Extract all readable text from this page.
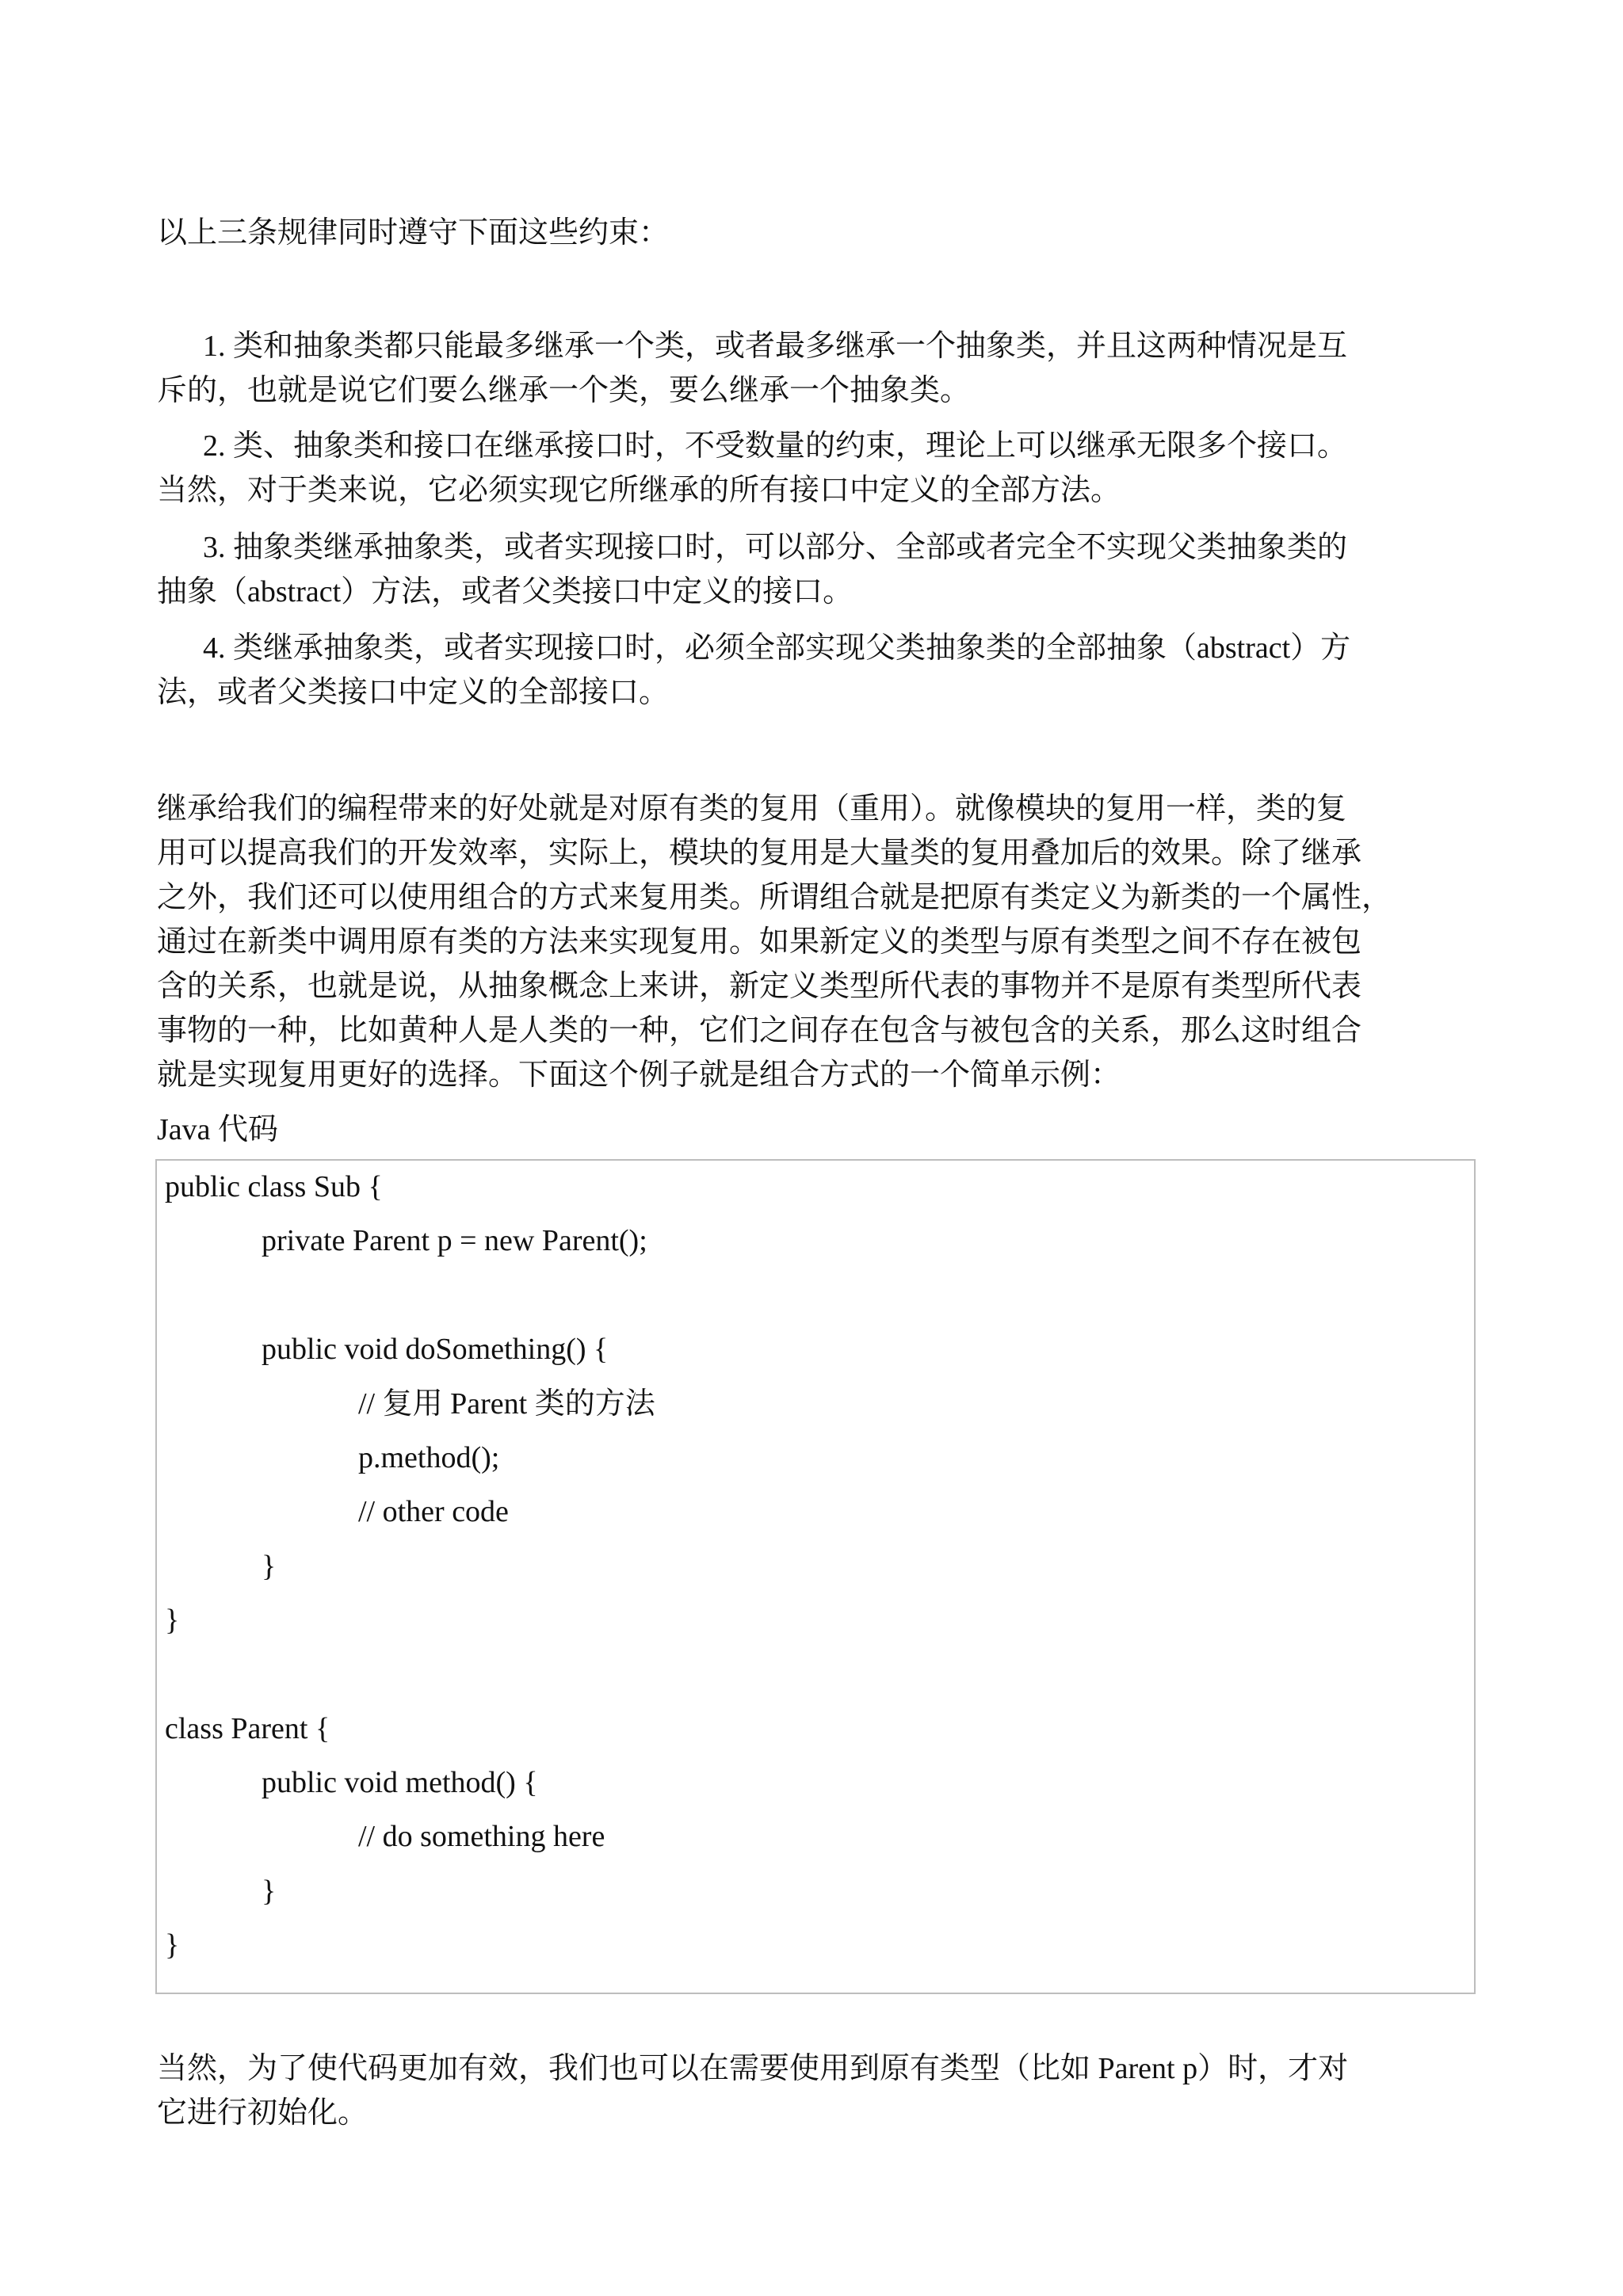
以上三条规律同时遵守下面这些约束：

1. 类和抽象类都只能最多继承一个类，或者最多继承一个抽象类，并且这两种情况是互
斥的，也就是说它们要么继承一个类，要么继承一个抽象类。
2. 类、抽象类和接口在继承接口时，不受数量的约束，理论上可以继承无限多个接口。
当然，对于类来说，它必须实现它所继承的所有接口中定义的全部方法。
3. 抽象类继承抽象类，或者实现接口时，可以部分、全部或者完全不实现父类抽象类的
抽象（abstract）方法，或者父类接口中定义的接口。
4. 类继承抽象类，或者实现接口时，必须全部实现父类抽象类的全部抽象（abstract）方
法，或者父类接口中定义的全部接口。
继承给我们的编程带来的好处就是对原有类的复用（重用）。就像模块的复用一样，类的复
用可以提高我们的开发效率，实际上，模块的复用是大量类的复用叠加后的效果。除了继承
之外，我们还可以使用组合的方式来复用类。所谓组合就是把原有类定义为新类的一个属性，
通过在新类中调用原有类的方法来实现复用。如果新定义的类型与原有类型之间不存在被包
含的关系，也就是说，从抽象概念上来讲，新定义类型所代表的事物并不是原有类型所代表
事物的一种，比如黄种人是人类的一种，它们之间存在包含与被包含的关系，那么这时组合
就是实现复用更好的选择。下面这个例子就是组合方式的一个简单示例：

Java 代码

public class Sub {

private Parent p = new Parent();

public void doSomething() {

// 复用 Parent 类的方法

p.method();

// other code

}

}

class Parent {

public void method() {

// do something here

}

}

当然，为了使代码更加有效，我们也可以在需要使用到原有类型（比如 Parent p）时，才对
它进行初始化。
